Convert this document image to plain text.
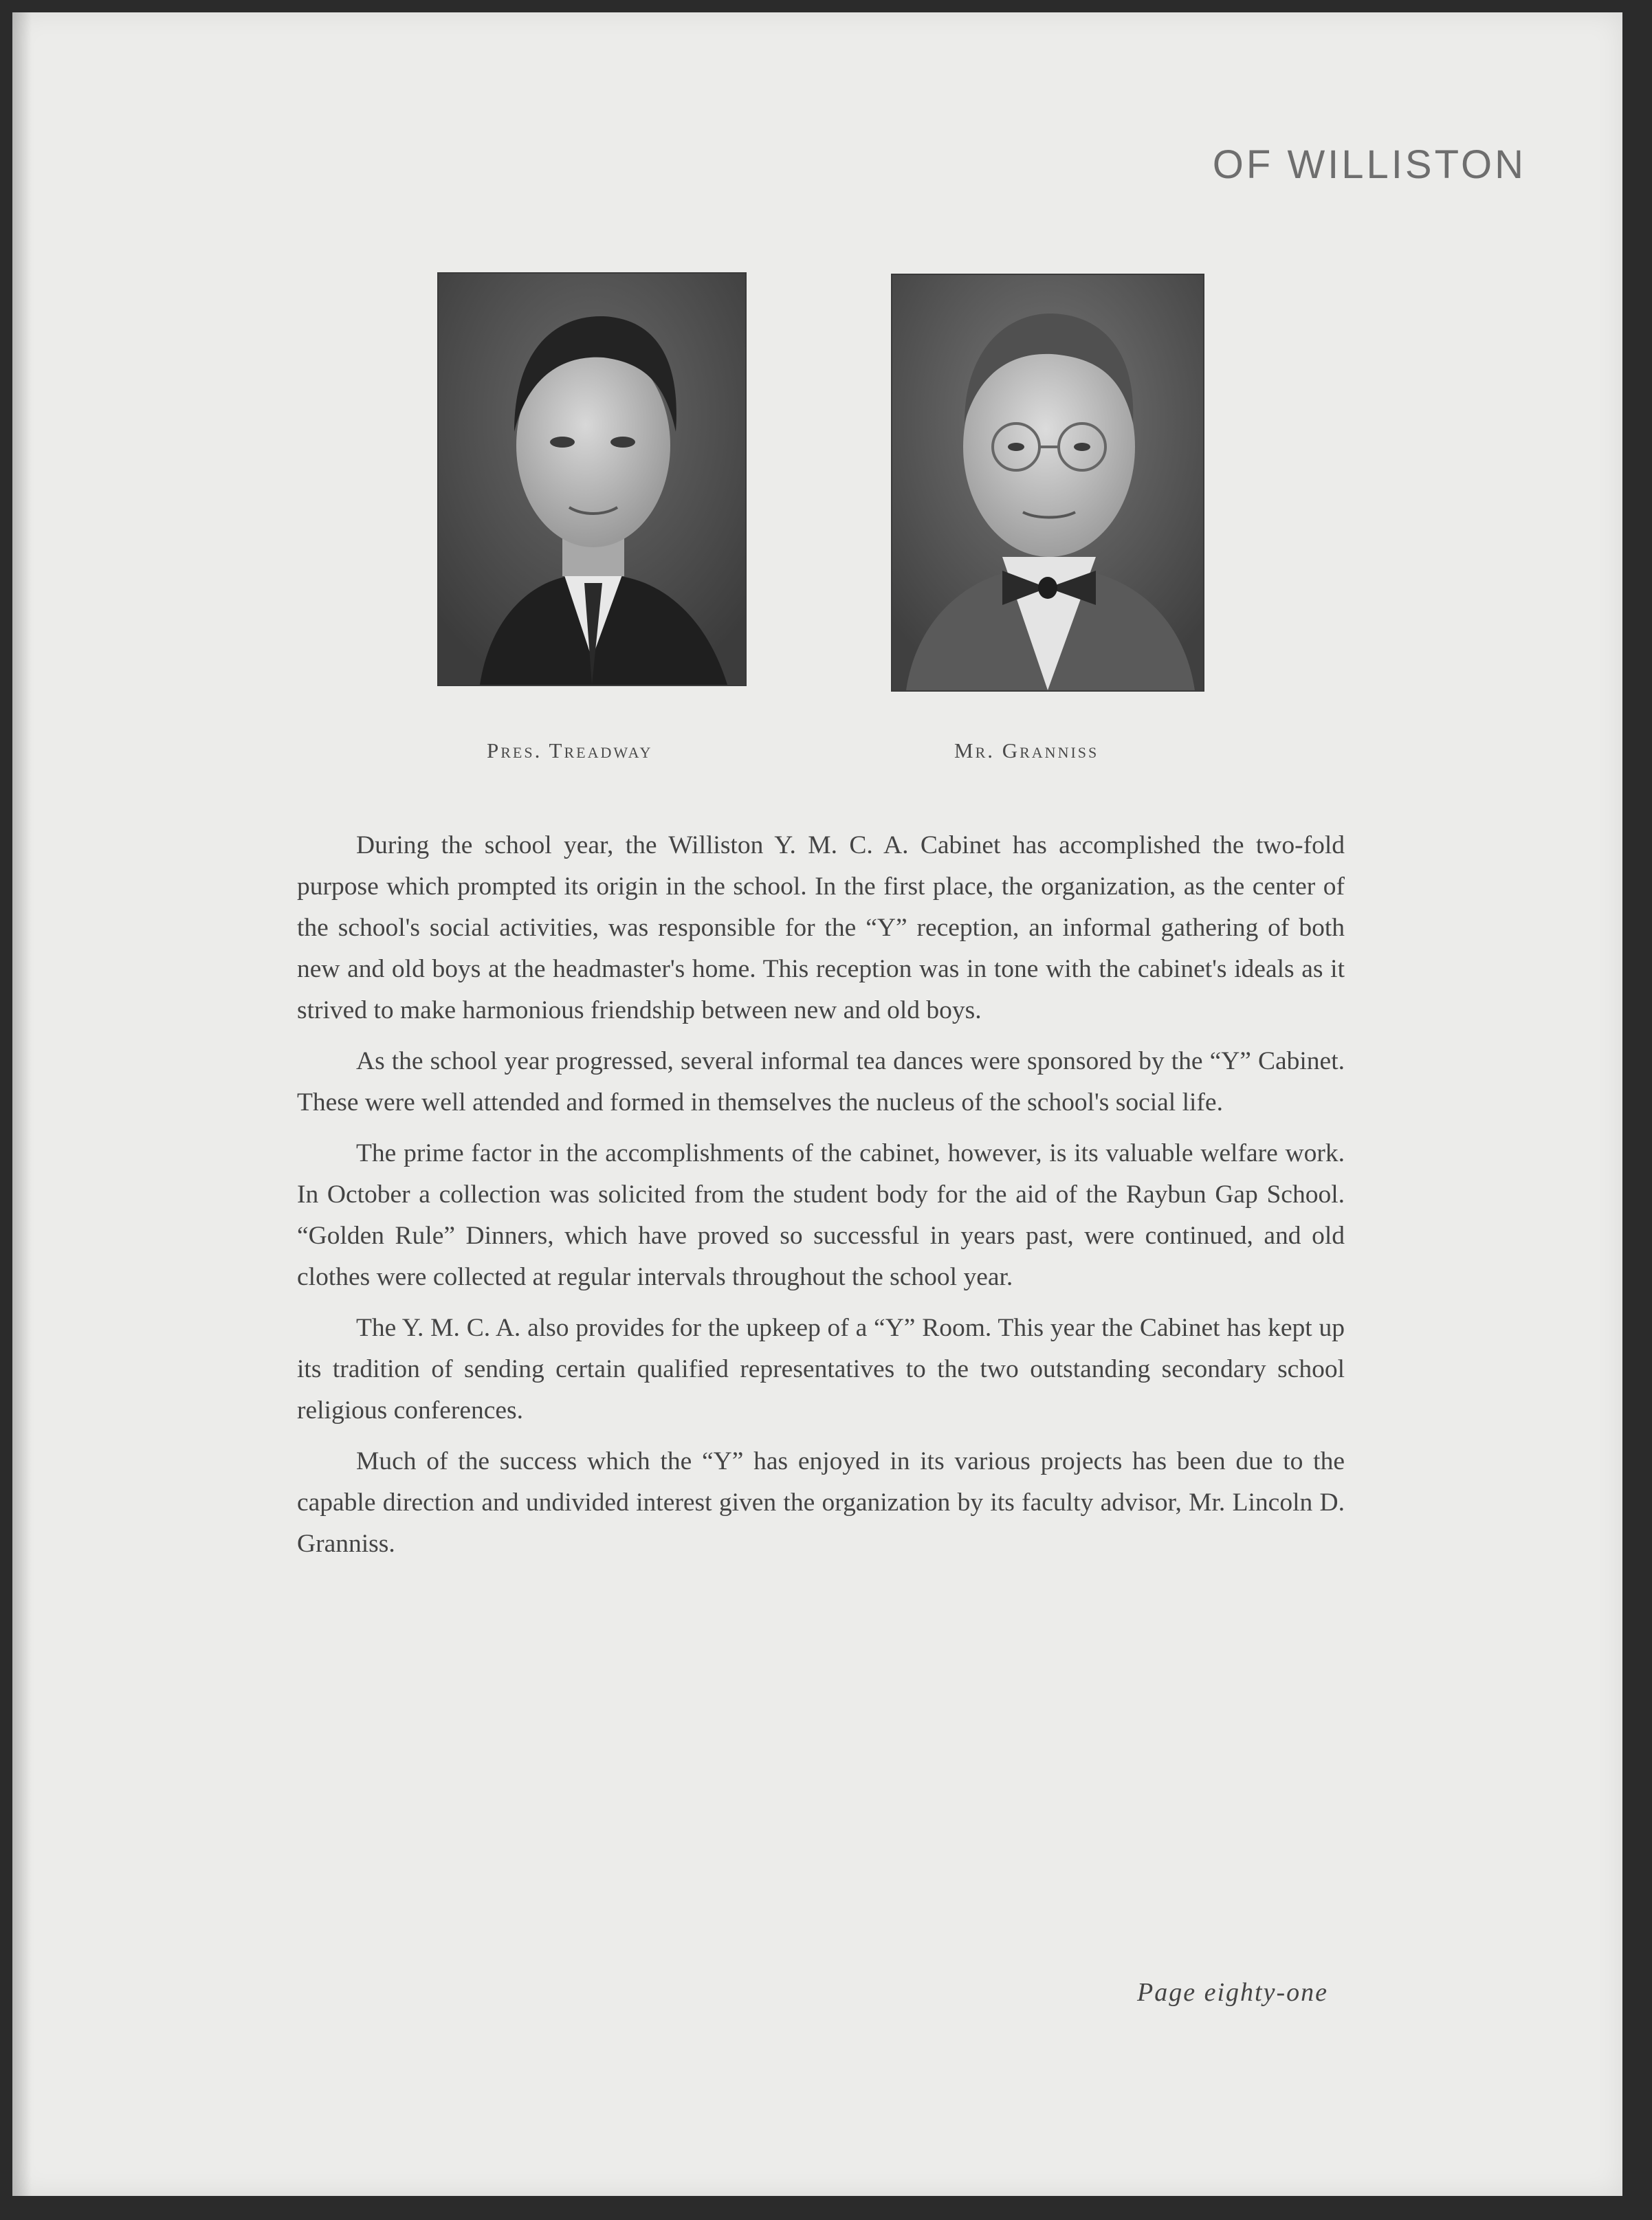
OF WILLISTON
Pres. Treadway	Mr. Granniss

During the school year, the Williston Y. M. C. A. Cabinet has accomplished the two-fold purpose which prompted its origin in the school. In the first place, the organization, as the center of the school's social activities, was responsible for the “Y” reception, an informal gathering of both new and old boys at the headmaster's home. This reception was in tone with the cabinet's ideals as it strived to make harmonious friendship between new and old boys.

As the school year progressed, several informal tea dances were sponsored by the “Y” Cabinet. These were well attended and formed in themselves the nucleus of the school's social life.

The prime factor in the accomplishments of the cabinet, however, is its valuable welfare work. In October a collection was solicited from the student body for the aid of the Raybun Gap School. “Golden Rule” Dinners, which have proved so successful in years past, were continued, and old clothes were collected at regular intervals throughout the school year.

The Y. M. C. A. also provides for the upkeep of a “Y” Room. This year the Cabinet has kept up its tradition of sending certain qualified representatives to the two outstanding secondary school religious conferences.

Much of the success which the “Y” has enjoyed in its various projects has been due to the capable direction and undivided interest given the organization by its faculty advisor, Mr. Lincoln D. Granniss.

Page eighty-one
